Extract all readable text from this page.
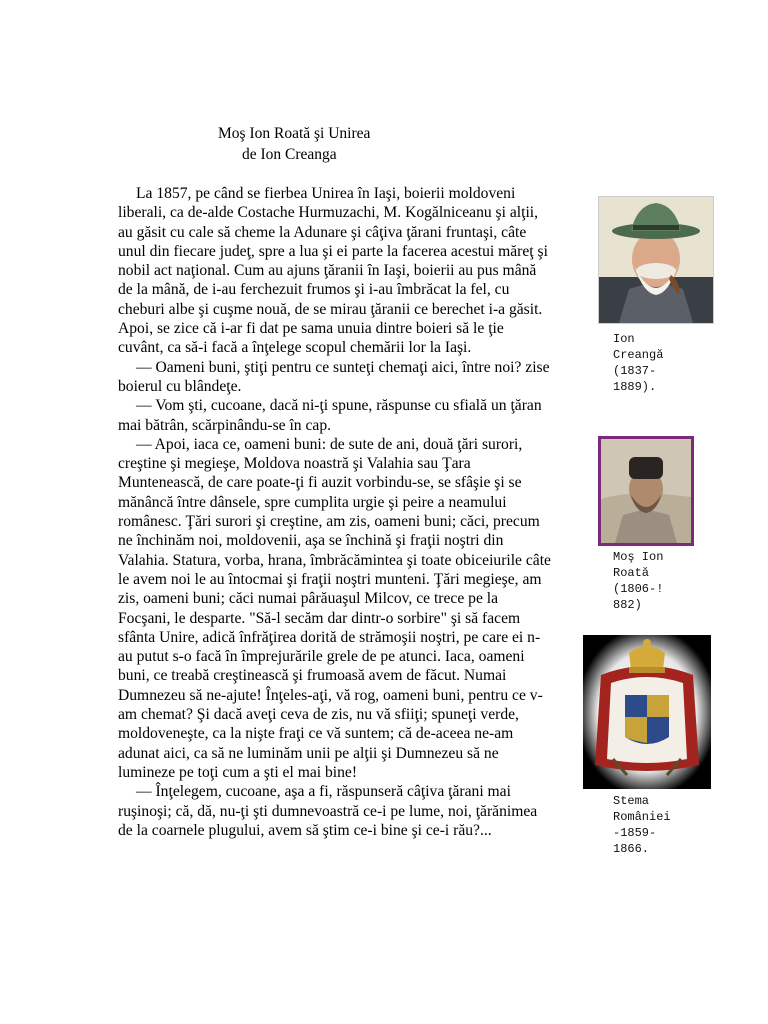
Moş Ion Roată şi Unirea
de Ion Creanga

La 1857, pe când se fierbea Unirea în Iaşi, boierii moldoveni liberali, ca de-alde Costache Hurmuzachi, M. Kogălniceanu şi alţii, au găsit cu cale să cheme la Adunare şi câţiva ţărani fruntaşi, câte unul din fiecare judeţ, spre a lua şi ei parte la facerea acestui măreţ şi nobil act naţional. Cum au ajuns ţăranii în Iaşi, boierii au pus mână de la mână, de i-au ferchezuit frumos şi i-au îmbrăcat la fel, cu cheburi albe şi cuşme nouă, de se mirau ţăranii ce berechet i-a găsit. Apoi, se zice că i-ar fi dat pe sama unuia dintre boieri să le ţie cuvânt, ca să-i facă a înţelege scopul chemării lor la Iaşi.

— Oameni buni, ştiţi pentru ce sunteţi chemaţi aici, între noi? zise boierul cu blândeţe.

— Vom şti, cucoane, dacă ni-ţi spune, răspunse cu sfială un ţăran mai bătrân, scărpinându-se în cap.

— Apoi, iaca ce, oameni buni: de sute de ani, două ţări surori, creştine şi megieşe, Moldova noastră şi Valahia sau Ţara Muntenească, de care poate-ţi fi auzit vorbindu-se, se sfâşie şi se mănâncă între dânsele, spre cumplita urgie şi peire a neamului românesc. Ţări surori şi creştine, am zis, oameni buni; căci, precum ne închinăm noi, moldovenii, aşa se închină şi fraţii noştri din Valahia. Statura, vorba, hrana, îmbrăcămintea şi toate obiceiurile câte le avem noi le au întocmai şi fraţii noştri munteni. Ţări megieşe, am zis, oameni buni; căci numai pârăuaşul Milcov, ce trece pe la Focşani, le desparte. "Să-l secăm dar dintr-o sorbire" şi să facem sfânta Unire, adică înfrăţirea dorită de strămoşii noştri, pe care ei n-au putut s-o facă în împrejurările grele de pe atunci. Iaca, oameni buni, ce treabă creştinească şi frumoasă avem de făcut. Numai Dumnezeu să ne-ajute! Înţeles-aţi, vă rog, oameni buni, pentru ce v-am chemat? Şi dacă aveţi ceva de zis, nu vă sfiiţi; spuneţi verde, moldoveneşte, ca la nişte fraţi ce vă suntem; că de-aceea ne-am adunat aici, ca să ne luminăm unii pe alţii şi Dumnezeu să ne lumineze pe toţi cum a şti el mai bine!

— Înţelegem, cucoane, aşa a fi, răspunseră câţiva ţărani mai ruşinoşi; că, dă, nu-ţi şti dumnevoastră ce-i pe lume, noi, ţărănimea de la coarnele plugului, avem să ştim ce-i bine şi ce-i rău?...

Ion
Creangă
(1837-
1889).
Moş Ion
Roată
(1806-!
882)
Stema
României
-1859-
1866.
